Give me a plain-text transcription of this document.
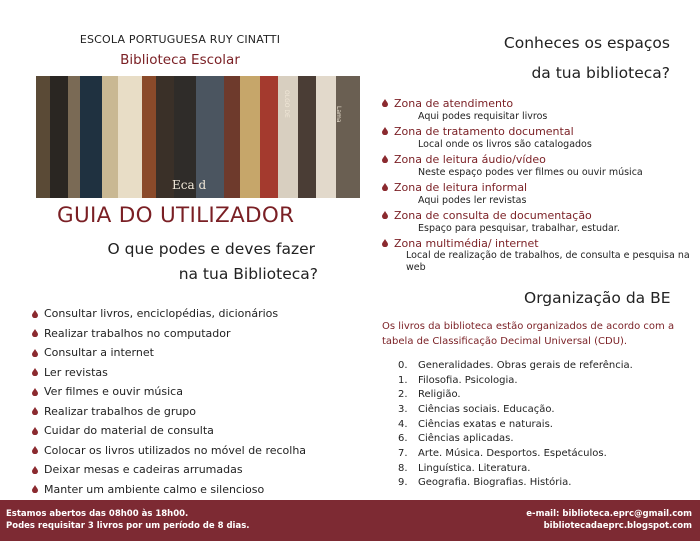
ESCOLA PORTUGUESA RUY CINATTI
Biblioteca Escolar
Eca d
OLGO DE	Lama
GUIA DO UTILIZADOR
O que podes e deves fazer
na tua Biblioteca?
Consultar livros, enciclopédias, dicionários
Realizar trabalhos no computador
Consultar a internet
Ler revistas
Ver filmes e ouvir música
Realizar trabalhos de grupo
Cuidar do material de consulta
Colocar os livros utilizados no móvel de recolha
Deixar mesas e cadeiras arrumadas
Manter um ambiente calmo e silencioso
Conheces os espaços
da tua biblioteca?
Zona de atendimento
Aqui podes requisitar livros
Zona de tratamento documental
Local onde os livros são catalogados
Zona de leitura áudio/vídeo
Neste espaço podes ver filmes ou ouvir música
Zona de leitura informal
Aqui podes ler revistas
Zona de consulta de documentação
Espaço para pesquisar, trabalhar, estudar.
Zona multimédia/ internet
Local de realização de trabalhos, de consulta e pesquisa na web
Organização da BE
Os livros da biblioteca estão organizados de acordo com a tabela de Classificação Decimal Universal (CDU).
0.	Generalidades. Obras gerais de referência.
1.	Filosofia. Psicologia.
2.	Religião.
3.	Ciências sociais. Educação.
4.	Ciências exatas e naturais.
6.	Ciências aplicadas.
7.	Arte. Música. Desportos. Espetáculos.
8.	Linguística. Literatura.
9.	Geografia. Biografias. História.
Estamos abertos das 08h00 às 18h00.
Podes requisitar 3 livros por um período de 8 dias.
e-mail: biblioteca.eprc@gmail.com
bibliotecadaeprc.blogspot.com
